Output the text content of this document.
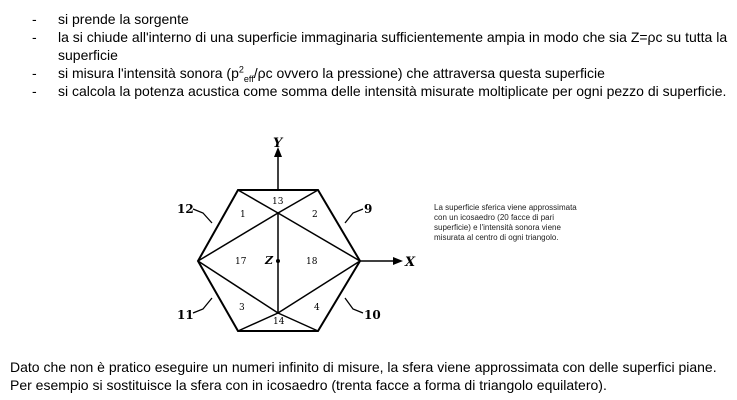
- si prende la sorgente
- la si chiude all'interno di una superficie immaginaria sufficientemente ampia in modo che sia Z=ρc su tutta la superficie
- si misura l'intensità sonora ($p^2_{eff}/\rho c$ ovvero la pressione) che attraversa questa superficie
- si calcola la potenza acustica come somma delle intensità misurate moltiplicate per ogni pezzo di superficie.
Y
X
Z
12	9
11	10
13
1	2
17	18
3	4
14
La superficie sferica viene approssimata con un icosaedro (20 facce di pari superficie) e l'intensità sonora viene misurata al centro di ogni triangolo.

Dato che non è pratico eseguire un numeri infinito di misure, la sfera viene approssimata con delle superfici piane. Per esempio si sostituisce la sfera con in icosaedro (trenta facce a forma di triangolo equilatero).
